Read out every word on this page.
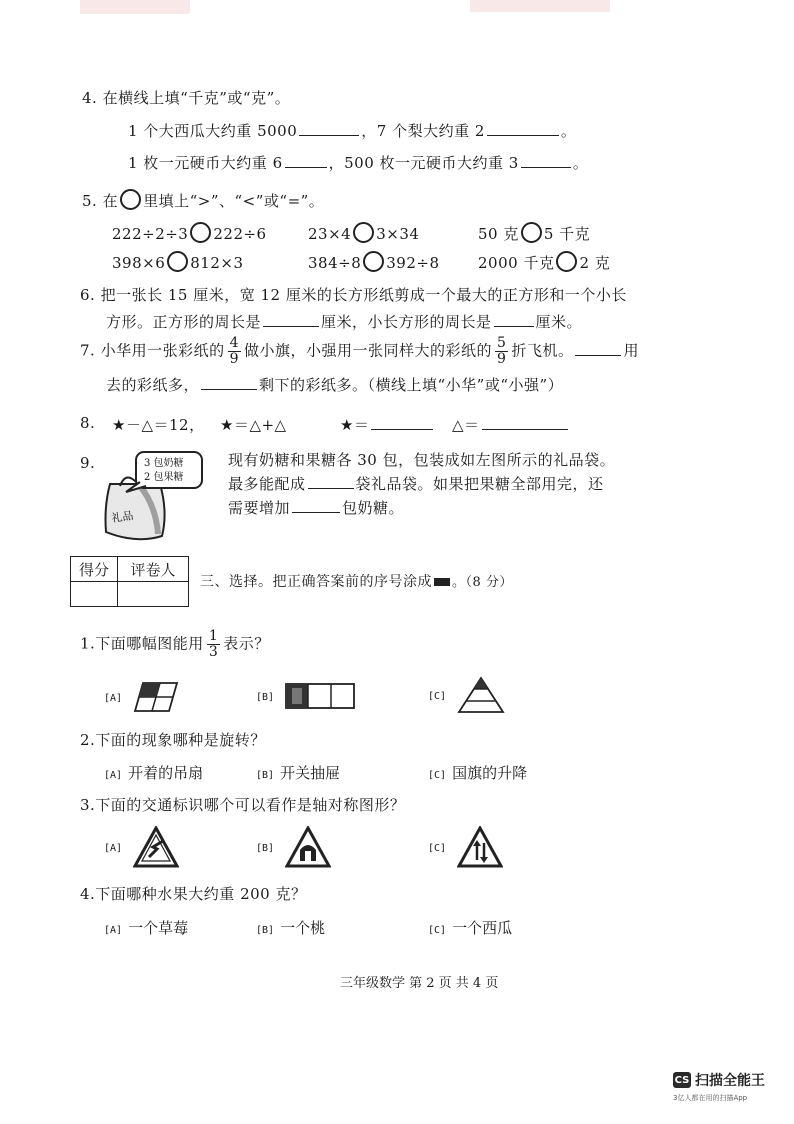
4. 在横线上填“千克”或“克”。
1 个大西瓜大约重 5000	，7 个梨大约重 2	。
1 枚一元硬币大约重 6	，500 枚一元硬币大约重 3	。
5. 在 里填上“>”、“<”或“=”。
222÷2÷3 222÷6	23×4 3×34	50 克 5 千克
398×6 812×3	384÷8 392÷8	2000 千克 2 克
6. 把一张长 15 厘米，宽 12 厘米的长方形纸剪成一个最大的正方形和一个小长
方形。正方形的周长是	厘米，小长方形的周长是	厘米。
7. 小华用一张彩纸的 $\frac{4}{9}$ 做小旗，小强用一张同样大的彩纸的 $\frac{5}{9}$ 折飞机。	用
去的彩纸多，	剩下的彩纸多。（横线上填“小华”或“小强”）
8. ★－△＝12， ★＝△+△	★＝	△＝
9.	3 包奶糖
2 包果糖
礼品
现有奶糖和果糖各 30 包，包装成如左图所示的礼品袋。
最多能配成	袋礼品袋。如果把果糖全部用完，还
需要增加	包奶糖。
得分	评卷人

三、选择。把正确答案前的序号涂成 。（8 分）
1.下面哪幅图能用 $\frac{1}{3}$ 表示？
[A]	[B]	[C]
2.下面的现象哪种是旋转？
[A] 开着的吊扇	[B] 开关抽屉	[C] 国旗的升降
3.下面的交通标识哪个可以看作是轴对称图形？
[A]	[B]	[C]
4.下面哪种水果大约重 200 克？
[A] 一个草莓	[B] 一个桃	[C] 一个西瓜
三年级数学 第 2 页 共 4 页
CS 扫描全能王
3亿人都在用的扫描App
